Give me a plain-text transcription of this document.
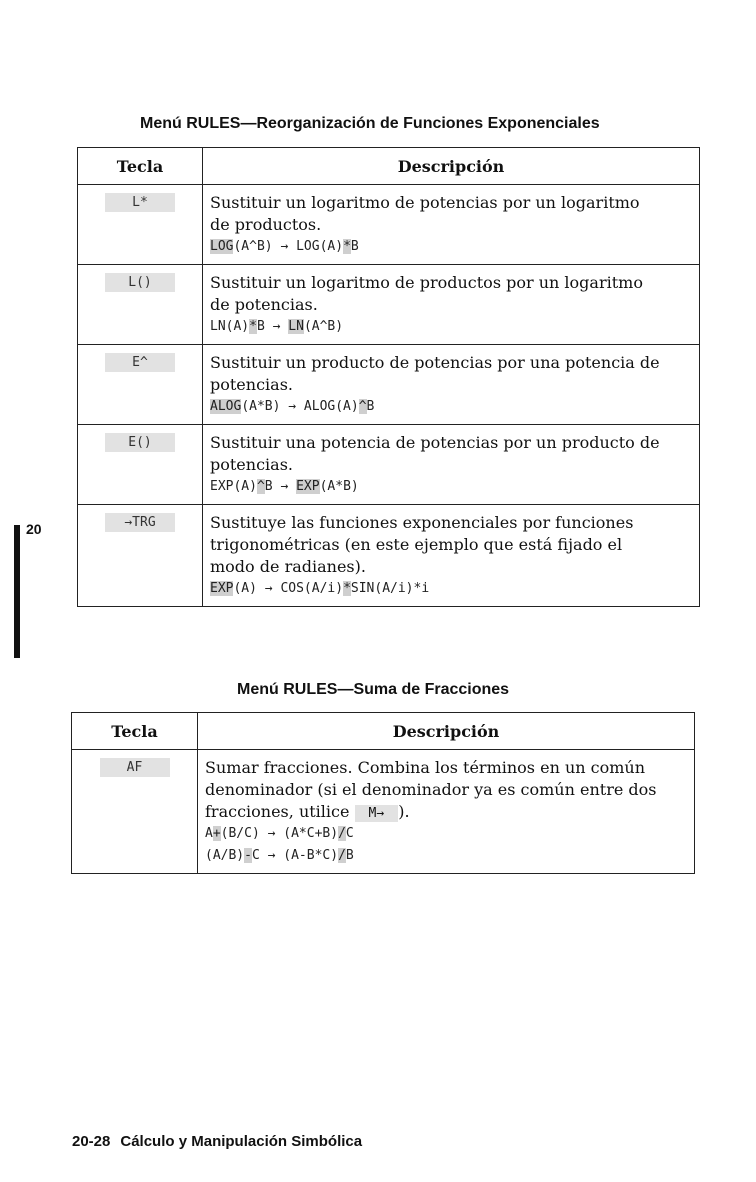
Menú RULES—Reorganización de Funciones Exponenciales
Tecla	Descripción
L*	Sustituir un logaritmo de potencias por un logaritmo
de productos.
LOG(A^B) → LOG(A)*B

L()	Sustituir un logaritmo de productos por un logaritmo
de potencias.
LN(A)*B → LN(A^B)

E^	Sustituir un producto de potencias por una potencia de
potencias.
ALOG(A*B) → ALOG(A)^B

E()	Sustituir una potencia de potencias por un producto de
potencias.
EXP(A)^B → EXP(A*B)

→TRG	Sustituye las funciones exponenciales por funciones
trigonométricas (en este ejemplo que está fijado el
modo de radianes).
EXP(A) → COS(A/i)*SIN(A/i)*i
20
Menú RULES—Suma de Fracciones
Tecla	Descripción
AF	Sumar fracciones. Combina los términos en un común
denominador (si el denominador ya es común entre dos
fracciones, utilice M→ ).
A+(B/C) → (A*C+B)/C
(A/B)-C → (A-B*C)/B
20-28 Cálculo y Manipulación Simbólica
